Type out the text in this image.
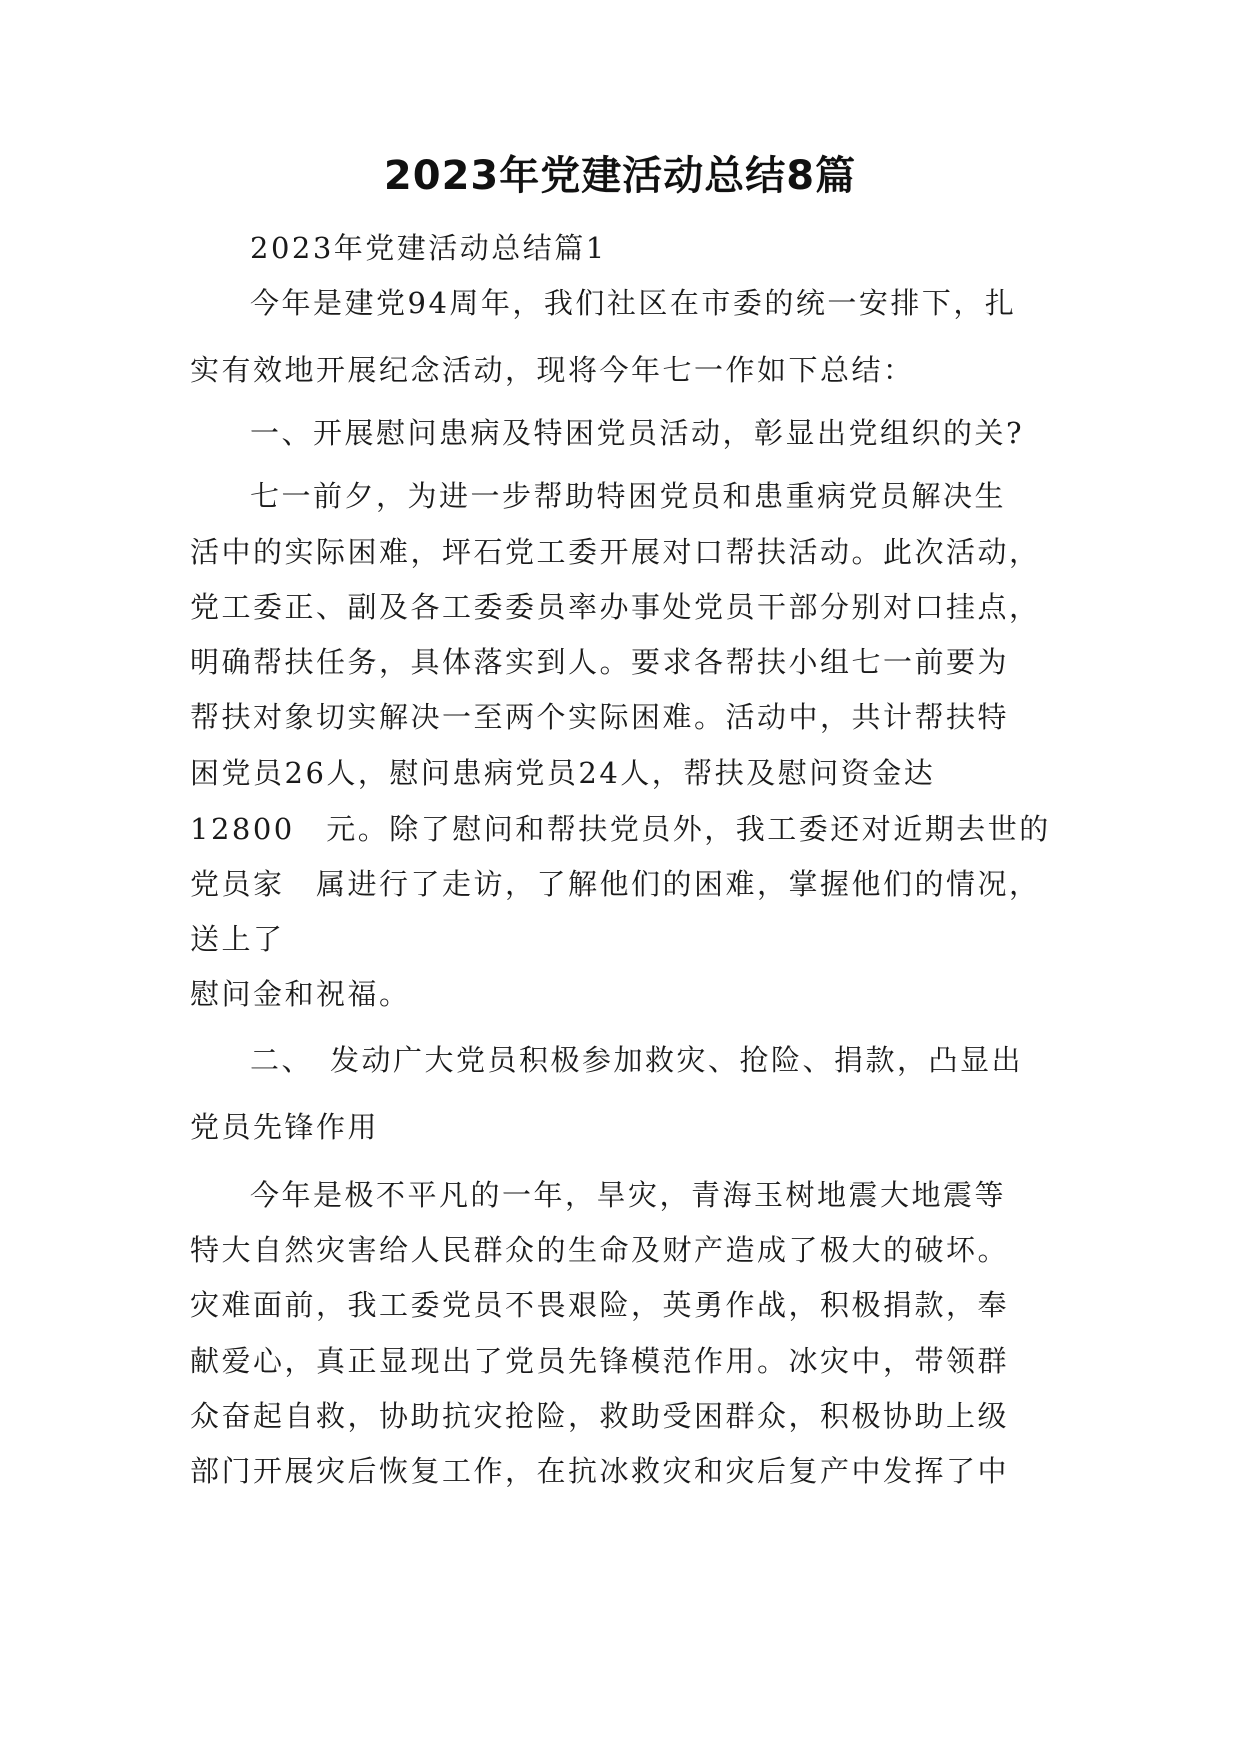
2023年党建活动总结8篇
2023年党建活动总结篇1
今年是建党94周年，我们社区在市委的统一安排下，扎
实有效地开展纪念活动，现将今年七一作如下总结：
一、开展慰问患病及特困党员活动，彰显出党组织的关?
七一前夕，为进一步帮助特困党员和患重病党员解决生
活中的实际困难，坪石党工委开展对口帮扶活动。此次活动，
党工委正、副及各工委委员率办事处党员干部分别对口挂点，
明确帮扶任务，具体落实到人。要求各帮扶小组七一前要为
帮扶对象切实解决一至两个实际困难。活动中，共计帮扶特
困党员26人，慰问患病党员24人，帮扶及慰问资金达
12800　元。除了慰问和帮扶党员外，我工委还对近期去世的
党员家　属进行了走访，了解他们的困难，掌握他们的情况，
送上了
慰问金和祝福。
二、　发动广大党员积极参加救灾、抢险、捐款，凸显出
党员先锋作用
今年是极不平凡的一年，旱灾，青海玉树地震大地震等
特大自然灾害给人民群众的生命及财产造成了极大的破坏。
灾难面前，我工委党员不畏艰险，英勇作战，积极捐款，奉
献爱心，真正显现出了党员先锋模范作用。冰灾中，带领群
众奋起自救，协助抗灾抢险，救助受困群众，积极协助上级
部门开展灾后恢复工作，在抗冰救灾和灾后复产中发挥了中
